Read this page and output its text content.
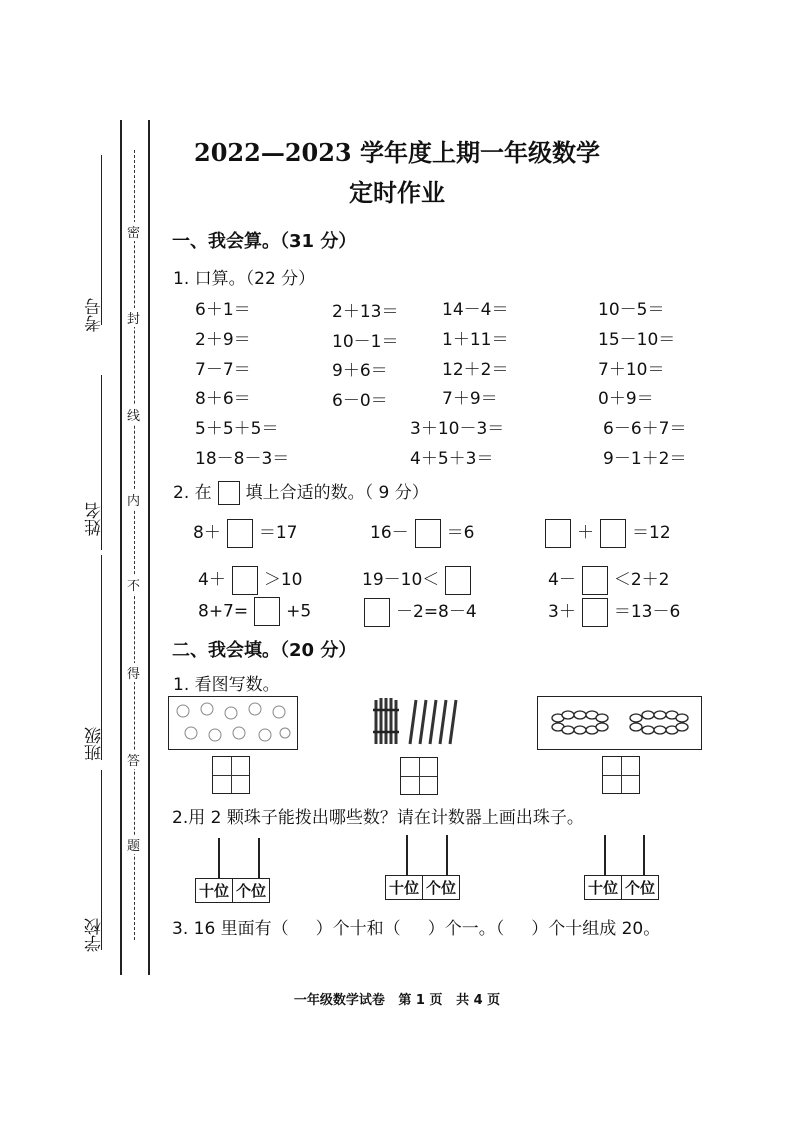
考号
姓名
班级
学校
密
封
线
内
不
得
答
题
2022—2023 学年度上期一年级数学
定时作业
一、我会算。（31 分）
1. 口算。（22 分）
6＋1＝	2＋13＝	14－4＝	10－5＝
2＋9＝	10－1＝	1＋11＝	15－10＝
7－7＝	9＋6＝	12＋2＝	7＋10＝
8＋6＝	6－0＝	7＋9＝	0＋9＝
5＋5＋5＝	3＋10－3＝	6－6＋7＝
18－8－3＝	4＋5＋3＝	9－1＋2＝
2. 在 填上合适的数。（ 9 分）
8＋ ＝17	16－ ＝6	＋ ＝12
4＋ ＞10	19－10＜	4－ ＜2＋2
8+7= +5	－2=8－4	3＋ ＝13－6
二、我会填。（20 分）
1. 看图写数。
2.用 2 颗珠子能拨出哪些数？请在计数器上画出珠子。
十位 个位	十位 个位	十位 个位
3. 16 里面有（     ）个十和（     ）个一。（     ）个十组成 20。
一年级数学试卷   第 1 页   共 4 页
